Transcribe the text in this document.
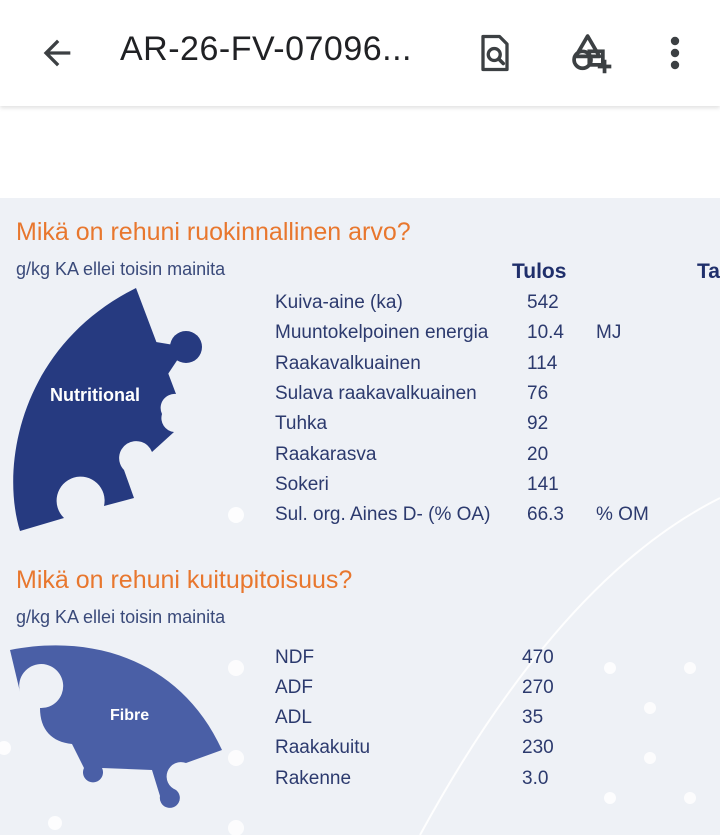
AR-26-FV-07096...
Mikä on rehuni ruokinnallinen arvo?
g/kg KA ellei toisin mainita	Tulos	Ta
Nutritional
Kuiva-aine (ka)	542
Muuntokelpoinen energia 10.4 MJ
Raakavalkuainen	114
Sulava raakavalkuainen	76
Tuhka	92
Raakarasva	20
Sokeri	141
Sul. org. Aines D- (% OA) 66.3 % OM
Mikä on rehuni kuitupitoisuus?
g/kg KA ellei toisin mainita
Fibre
NDF	470
ADF	270
ADL	35
Raakakuitu	230
Rakenne	3.0
